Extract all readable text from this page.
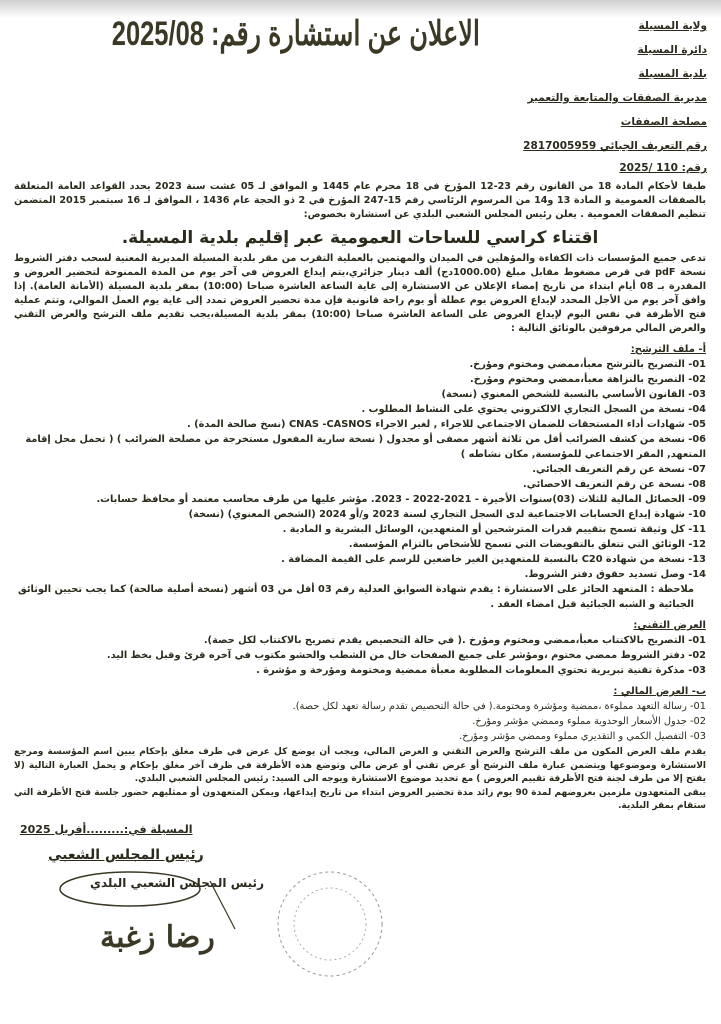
ولاية المسيلة
دائرة المسيلة
بلدية المسيلة
مديرية الصفقات والمتابعة والتعمير
مصلحة الصفقات
رقم التعريف الجبائي 2817005959
رقم: 110 /2025
الاعلان عن استشارة رقم: 2025/08
طبقا لأحكام المادة 18 من القانون رقم 23-12 المؤرخ في 18 محرم عام 1445 و الموافق لـ 05 غشت سنة 2023 يحدد القواعد العامة المتعلقة بالصفقات العمومية و المادة 13 و14 من المرسوم الرئاسي رقم 15-247 المؤرخ في 2 ذو الحجة عام 1436 ، الموافق لـ 16 سبتمبر 2015 المتضمن تنظيم الصفقات العمومية . يعلن رئيس المجلس الشعبي البلدي عن استشارة بخصوص:
اقتناء كراسي للساحات العمومية عبر إقليم بلدية المسيلة.
تدعى جميع المؤسسات ذات الكفاءة والمؤهلين في الميدان والمهتمين بالعملية التقرب من مقر بلدية المسيلة المديرية المعنية لسحب دفتر الشروط نسخة pdF في قرص مضغوط مقابل مبلغ (1000.00دج) ألف دينار جزائري،يتم إيداع العروض في آخر يوم من المدة الممنوحة لتحضير العروض و المقدرة بـ 08 أيام ابتداء من تاريخ إمضاء الإعلان عن الاستشارة إلى غاية الساعة العاشرة صباحا (10:00) بمقر بلدية المسيلة (الأمانة العامة). إذا وافق آخر يوم من الأجل المحدد لإيداع العروض يوم عطلة أو يوم راحة قانونية فإن مدة تحضير العروض تمدد إلى غاية يوم العمل الموالي، وتتم عملية فتح الأظرفة في نفس اليوم لإيداع العروض على الساعة العاشرة صباحا (10:00) بمقر بلدية المسيلة،يجب تقديم ملف الترشح والعرض التقني والعرض المالي مرفوقين بالوثائق التالية :
أ- ملف الترشح:
01- التصريح بالترشح معبأ،ممضي ومختوم ومؤرخ.
02- التصريح بالنزاهة معبأ،ممضي ومختوم ومؤرخ.
03- القانون الأساسي بالنسبة للشخص المعنوي (نسخة)
04- نسخة من السجل التجاري الالكتروني يحتوي على النشاط المطلوب .
05- شهادات أداء المستحقات للضمان الاجتماعي للاجراء , لغير الاجراء CNAS -CASNOS (نسخ صالحة المدة) .
06- نسخة من كشف الضرائب أقل من ثلاثة أشهر مصفى أو مجدول ( نسخة سارية المفعول مستخرجة من مصلحة الضرائب ) ( تحمل محل إقامة المتعهد, المقر الاجتماعي للمؤسسة, مكان نشاطه )
07- نسخة عن رقم التعريف الجبائي.
08- نسخة عن رقم التعريف الاحصائي.
09- الحصائل المالية للثلاث (03)سنوات الأخيرة - 2021-2022 - 2023. مؤشر عليها من طرف محاسب معتمد أو محافظ حسابات.
10- شهادة إيداع الحسابات الاجتماعية لدى السجل التجاري لسنة 2023 و/أو 2024 (الشخص المعنوي) (نسخة)
11- كل وثيقة تسمح بتقييم قدرات المترشحين أو المتعهدين، الوسائل البشرية و المادية .
12- الوثائق التي تتعلق بالتفويضات التي تسمح للأشخاص بالتزام المؤسسة.
13- نسخة من شهادة C20 بالنسبة للمتعهدين الغير خاضعين للرسم على القيمة المضافة .
14- وصل تسديد حقوق دفتر الشروط.
ملاحظة : المتعهد الحائز على الاستشارة : يقدم شهادة السوابق العدلية رقم 03 أقل من 03 أشهر (نسخة أصلية صالحة) كما يجب تحيين الوثائق الجبائية و الشبه الجبائية قبل امضاء العقد .
العرض التقني:
01- التصريح بالاكتتاب معبأ،ممضي ومختوم ومؤرخ .( في حالة التحصيص يقدم تصريح بالاكتتاب لكل حصة).
02- دفتر الشروط ممضي مختوم ،ومؤشر على جميع الصفحات خال من الشطب والحشو مكتوب في آخره قرئ وقبل بخط اليد.
03- مذكرة تقنية تبريرية تحتوي المعلومات المطلوبة معبأة ممضية ومختومة ومؤرخة و مؤشرة .
ب- العرض المالي :
01- رسالة التعهد مملوءة ،ممضية ومؤشرة ومختومة.( في حالة التحصيص تقدم رسالة تعهد لكل حصة).
02- جدول الأسعار الوحدوية مملوء وممضي مؤشر ومؤرخ.
03- التفصيل الكمي و التقديري مملوء وممضي مؤشر ومؤرخ.
يقدم ملف العرض المكون من ملف الترشح والعرض التقني و العرض المالي، ويجب أن يوضع كل عرض في ظرف مغلق بإحكام يبين اسم المؤسسة ومرجع الاستشارة وموضوعها ويتضمن عبارة ملف الترشح أو عرض تقني أو عرض مالي وتوضع هذه الأظرفة في ظرف آخر مغلق بإحكام و يحمل العبارة التالية (لا يفتح إلا من طرف لجنة فتح الأظرفة تقييم العروض ) مع تحديد موضوع الاستشارة ويوجه الى السيد: رئيس المجلس الشعبي البلدي.
يبقى المتعهدون ملزمين بعروضهم لمدة 90 يوم زائد مدة تحضير العروض ابتداء من تاريخ إيداعها، ويمكن المتعهدون أو ممثليهم حضور جلسة فتح الأظرفة التي ستقام بمقر البلدية.
المسيلة في:.........أفريل 2025
رئيس المجلس الشعبي
رئيس المجلس الشعبي البلدي
رضا زغبة
